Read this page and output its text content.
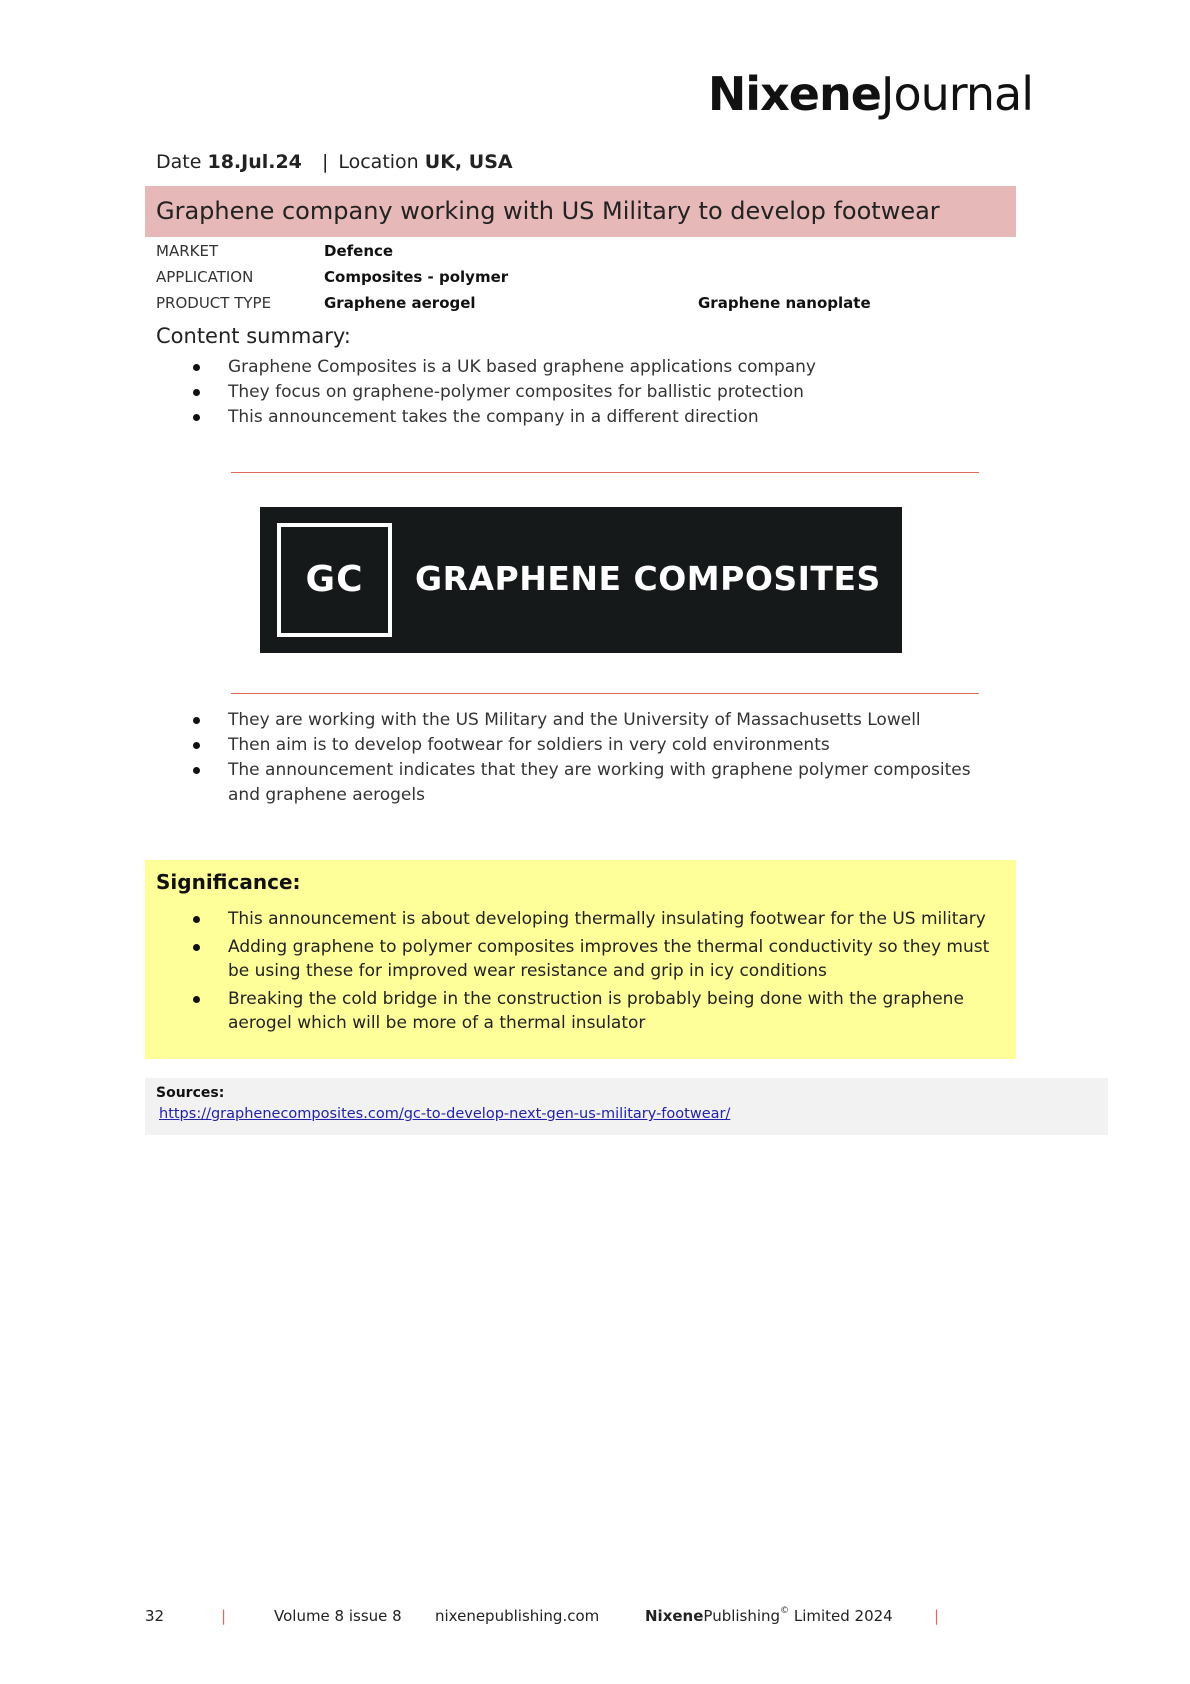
NixeneJournal
Date 18.Jul.24 | Location UK, USA
Graphene company working with US Military to develop footwear
MARKET	Defence
APPLICATION	Composites - polymer
PRODUCT TYPE	Graphene aerogel	Graphene nanoplate
Content summary:
Graphene Composites is a UK based graphene applications company
They focus on graphene-polymer composites for ballistic protection
This announcement takes the company in a different direction
GC	GRAPHENE COMPOSITES
They are working with the US Military and the University of Massachusetts Lowell
Then aim is to develop footwear for soldiers in very cold environments
The announcement indicates that they are working with graphene polymer composites and graphene aerogels
Significance:
This announcement is about developing thermally insulating footwear for the US military
Adding graphene to polymer composites improves the thermal conductivity so they must be using these for improved wear resistance and grip in icy conditions
Breaking the cold bridge in the construction is probably being done with the graphene aerogel which will be more of a thermal insulator
Sources:
https://graphenecomposites.com/gc-to-develop-next-gen-us-military-footwear/
32	|	Volume 8 issue 8 nixenepublishing.com	NixenePublishing© Limited 2024	|
